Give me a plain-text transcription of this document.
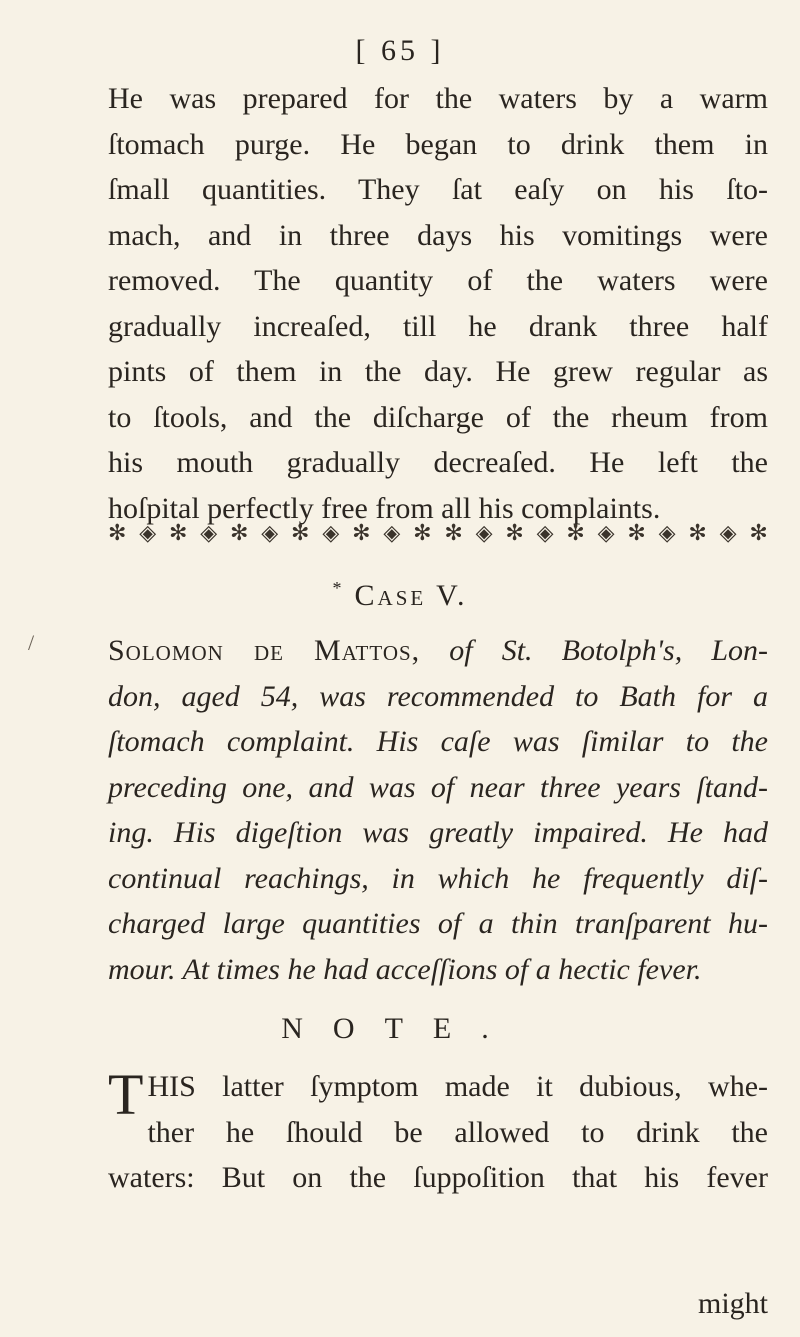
[ 65 ]
He was prepared for the waters by a warm
ſtomach purge. He began to drink them in
ſmall quantities. They ſat eaſy on his ſto-
mach, and in three days his vomitings were
removed. The quantity of the waters were
gradually increaſed, till he drank three half
pints of them in the day. He grew regular as
to ſtools, and the diſcharge of the rheum from
his mouth gradually decreaſed. He left the
hoſpital perfectly free from all his complaints.
✻ ◈ ✻ ◈ ✻ ◈ ✻ ◈ ✻ ◈ ✻ ✻ ◈ ✻ ◈ ✻ ◈ ✻ ◈ ✻ ◈ ✻
* Case V.
/ Solomon de Mattos, of St. Botolph's, Lon-
don, aged 54, was recommended to Bath for a
ſtomach complaint. His caſe was ſimilar to the
preceding one, and was of near three years ſtand-
ing. His digeſtion was greatly impaired. He had
continual reachings, in which he frequently diſ-
charged large quantities of a thin tranſparent hu-
mour. At times he had acceſſions of a hectic fever.
NOTE.
T HIS latter ſymptom made it dubious, whe-
ther he ſhould be allowed to drink the
waters: But on the ſuppoſition that his fever
might
